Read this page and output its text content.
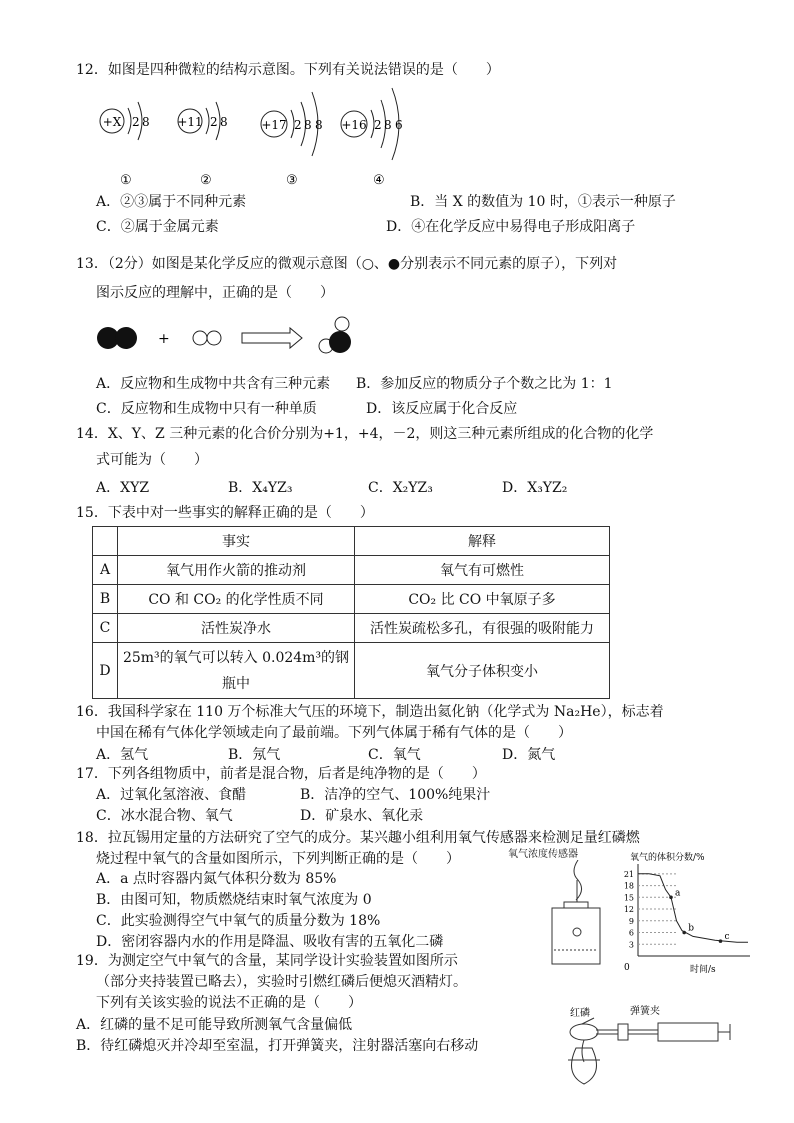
12．如图是四种微粒的结构示意图。下列有关说法错误的是（　　）
+X 2 8
①
+11 2 8
②
+17 2 8 8
③
+16 2 8 6
④
A．②③属于不同种元素	B．当 X 的数值为 10 时，①表示一种原子
C．②属于金属元素	D．④在化学反应中易得电子形成阳离子
13．（2分）如图是某化学反应的微观示意图（○、●分别表示不同元素的原子），下列对
图示反应的理解中，正确的是（　　）
+
A．反应物和生成物中共含有三种元素 B．参加反应的物质分子个数之比为 1：1
C．反应物和生成物中只有一种单质	D．该反应属于化合反应
14．X、Y、Z 三种元素的化合价分别为+1，+4，－2，则这三种元素所组成的化合物的化学
式可能为（　　）
A．XYZ	B．X₄YZ₃	C．X₂YZ₃	D．X₃YZ₂
15．下表中对一些事实的解释正确的是（　　）
	事实	解释
A	氧气用作火箭的推动剂	氧气有可燃性
B	CO 和 CO₂ 的化学性质不同	CO₂ 比 CO 中氧原子多
C	活性炭净水	活性炭疏松多孔，有很强的吸附能力
D	25m³的氧气可以转入 0.024m³的钢瓶中	氧气分子体积变小
16．我国科学家在 110 万个标准大气压的环境下，制造出氦化钠（化学式为 Na₂He），标志着
中国在稀有气体化学领域走向了最前端。下列气体属于稀有气体的是（　　）
A．氢气	B．氖气	C．氧气	D．氮气
17．下列各组物质中，前者是混合物，后者是纯净物的是（　　）
A．过氧化氢溶液、食醋	B．洁净的空气、100%纯果汁
C．冰水混合物、氧气	D．矿泉水、氧化汞
18．拉瓦锡用定量的方法研究了空气的成分。某兴趣小组利用氧气传感器来检测足量红磷燃
烧过程中氧气的含量如图所示，下列判断正确的是（　　）	氧气浓度传感器
A．a 点时容器内氮气体积分数为 85%
B．由图可知，物质燃烧结束时氧气浓度为 0
C．此实验测得空气中氧气的质量分数为 18%
D．密闭容器内水的作用是降温、吸收有害的五氧化二磷
氧气的体积分数/%
3
6
9
12
15
18
21
a
b
c
0	时间/s
19．为测定空气中氧气的含量，某同学设计实验装置如图所示
（部分夹持装置已略去），实验时引燃红磷后便熄灭酒精灯。
下列有关该实验的说法不正确的是（　　）
A．红磷的量不足可能导致所测氧气含量偏低
B．待红磷熄灭并冷却至室温，打开弹簧夹，注射器活塞向右移动
红磷	弹簧夹
